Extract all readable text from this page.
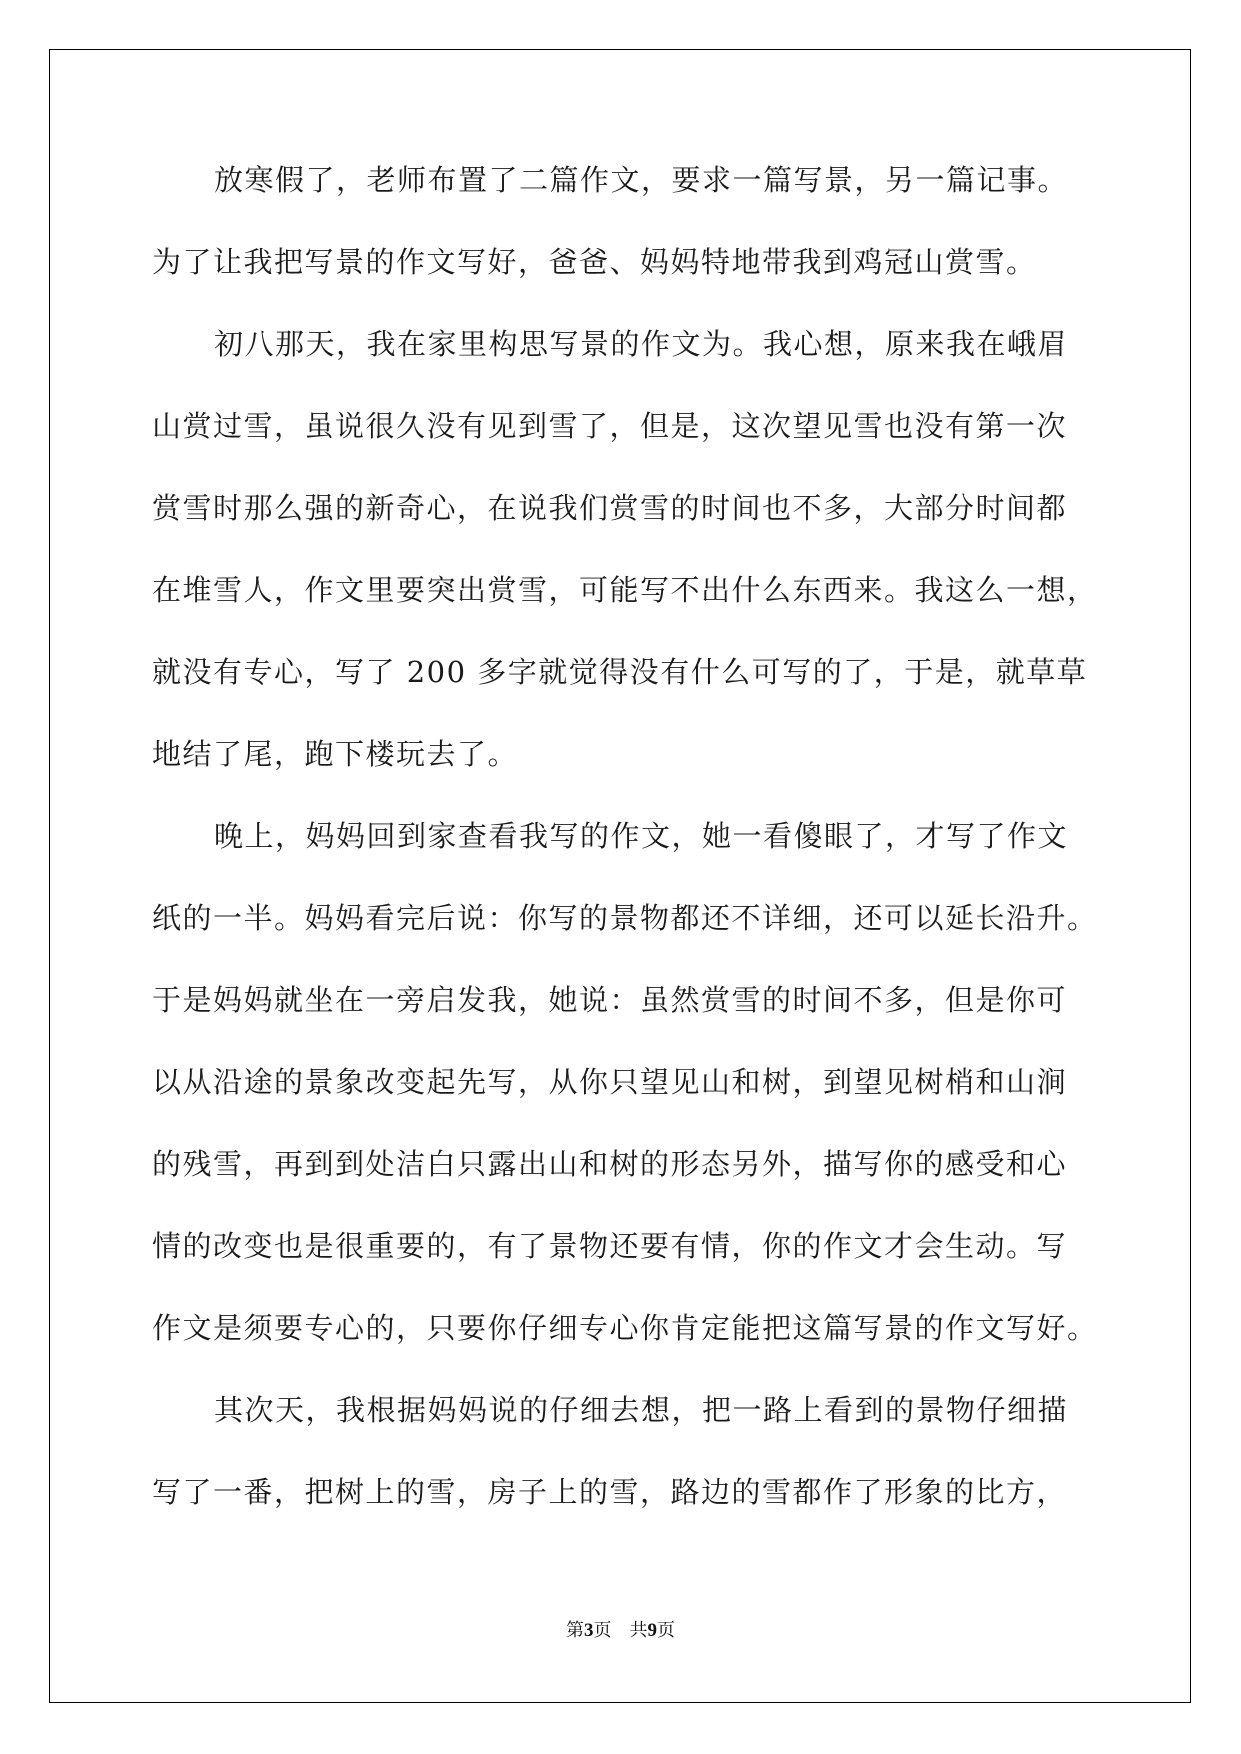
放寒假了，老师布置了二篇作文，要求一篇写景，另一篇记事。
为了让我把写景的作文写好，爸爸、妈妈特地带我到鸡冠山赏雪。
初八那天，我在家里构思写景的作文为。我心想，原来我在峨眉
山赏过雪，虽说很久没有见到雪了，但是，这次望见雪也没有第一次
赏雪时那么强的新奇心，在说我们赏雪的时间也不多，大部分时间都
在堆雪人，作文里要突出赏雪，可能写不出什么东西来。我这么一想，
就没有专心，写了 200 多字就觉得没有什么可写的了，于是，就草草
地结了尾，跑下楼玩去了。
晚上，妈妈回到家查看我写的作文，她一看傻眼了，才写了作文
纸的一半。妈妈看完后说：你写的景物都还不详细，还可以延长沿升。
于是妈妈就坐在一旁启发我，她说：虽然赏雪的时间不多，但是你可
以从沿途的景象改变起先写，从你只望见山和树，到望见树梢和山涧
的残雪，再到到处洁白只露出山和树的形态另外，描写你的感受和心
情的改变也是很重要的，有了景物还要有情，你的作文才会生动。写
作文是须要专心的，只要你仔细专心你肯定能把这篇写景的作文写好。
其次天，我根据妈妈说的仔细去想，把一路上看到的景物仔细描
写了一番，把树上的雪，房子上的雪，路边的雪都作了形象的比方，
第3页 共9页
